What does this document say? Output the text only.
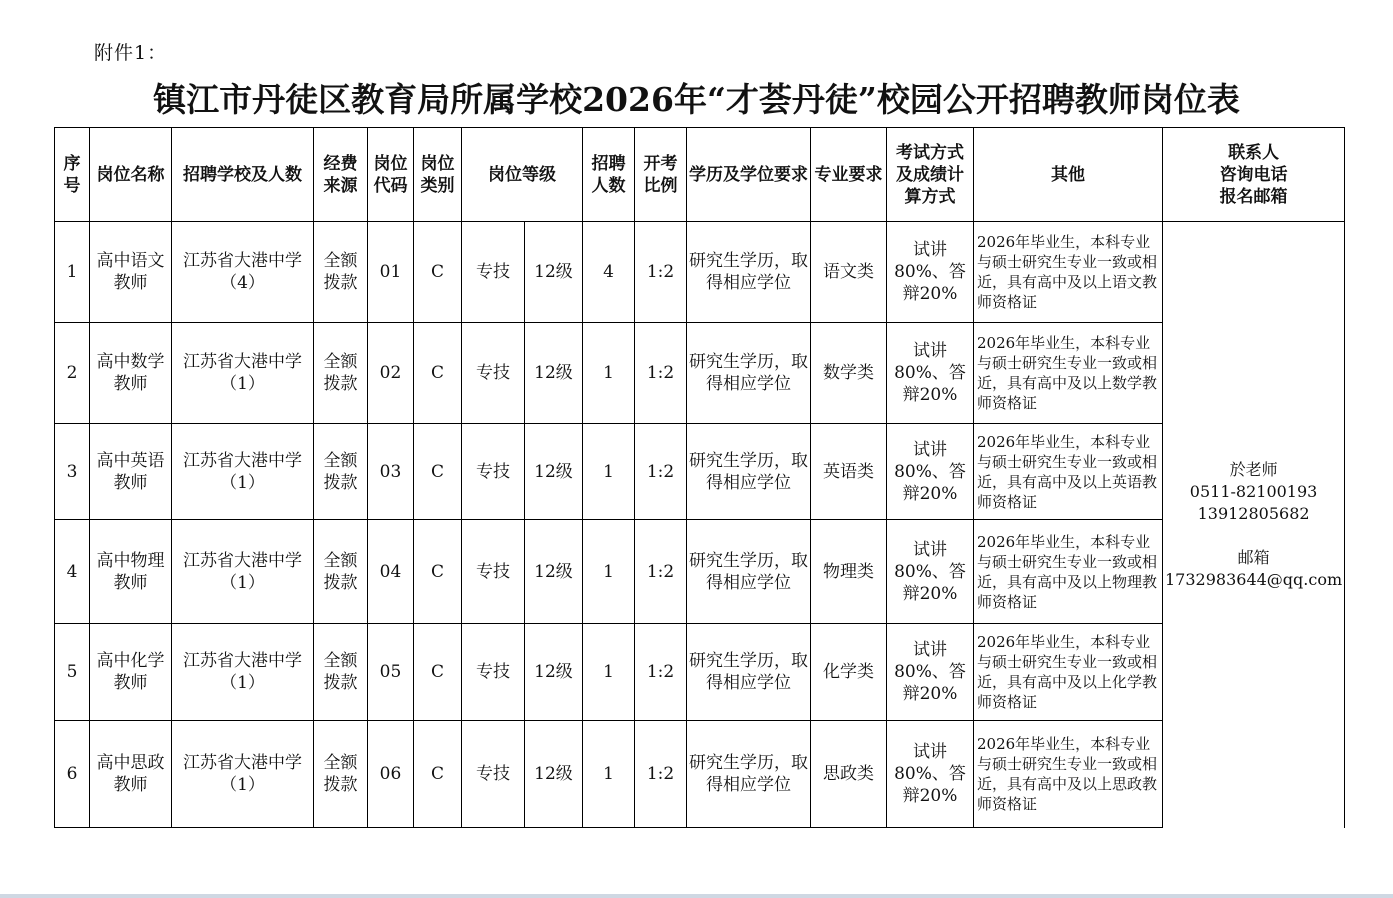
附件1：
镇江市丹徒区教育局所属学校2026年“才荟丹徒”校园公开招聘教师岗位表
序号	岗位名称	招聘学校及人数	经费来源	岗位代码	岗位类别	岗位等级		招聘人数	开考比例	学历及学位要求	专业要求	考试方式及成绩计算方式	其他	联系人
咨询电话
报名邮箱

1	高中语文教师	江苏省大港中学（4）	全额拨款	01	C	专技	12级	4	1:2	研究生学历，取得相应学位	语文类	试讲80%、答辩20%	2026年毕业生，本科专业与硕士研究生专业一致或相近，具有高中及以上语文教师资格证	於老师
0511-82100193
13912805682

邮箱
1732983644@qq.com

2	高中数学教师	江苏省大港中学（1）	全额拨款	02	C	专技	12级	1	1:2	研究生学历，取得相应学位	数学类	试讲80%、答辩20%	2026年毕业生，本科专业与硕士研究生专业一致或相近，具有高中及以上数学教师资格证	
3	高中英语教师	江苏省大港中学（1）	全额拨款	03	C	专技	12级	1	1:2	研究生学历，取得相应学位	英语类	试讲80%、答辩20%	2026年毕业生，本科专业与硕士研究生专业一致或相近，具有高中及以上英语教师资格证	
4	高中物理教师	江苏省大港中学（1）	全额拨款	04	C	专技	12级	1	1:2	研究生学历，取得相应学位	物理类	试讲80%、答辩20%	2026年毕业生，本科专业与硕士研究生专业一致或相近，具有高中及以上物理教师资格证	
5	高中化学教师	江苏省大港中学（1）	全额拨款	05	C	专技	12级	1	1:2	研究生学历，取得相应学位	化学类	试讲80%、答辩20%	2026年毕业生，本科专业与硕士研究生专业一致或相近，具有高中及以上化学教师资格证	
6	高中思政教师	江苏省大港中学（1）	全额拨款	06	C	专技	12级	1	1:2	研究生学历，取得相应学位	思政类	试讲80%、答辩20%	2026年毕业生，本科专业与硕士研究生专业一致或相近，具有高中及以上思政教师资格证	
